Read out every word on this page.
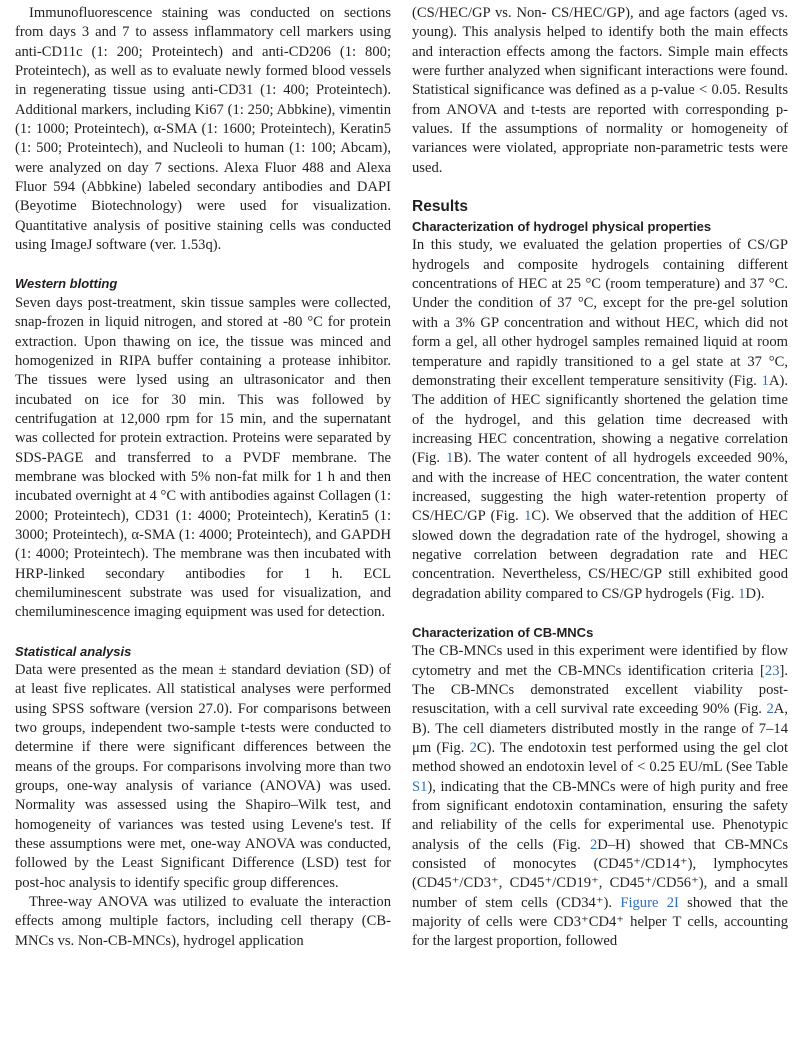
Immunofluorescence staining was conducted on sections from days 3 and 7 to assess inflammatory cell markers using anti-CD11c (1: 200; Proteintech) and anti-CD206 (1: 800; Proteintech), as well as to evaluate newly formed blood vessels in regenerating tissue using anti-CD31 (1: 400; Proteintech). Additional markers, including Ki67 (1: 250; Abbkine), vimentin (1: 1000; Proteintech), α-SMA (1: 1600; Proteintech), Keratin5 (1: 500; Proteintech), and Nucleoli to human (1: 100; Abcam), were analyzed on day 7 sections. Alexa Fluor 488 and Alexa Fluor 594 (Abbkine) labeled secondary antibodies and DAPI (Beyotime Biotechnology) were used for visualization. Quantitative analysis of positive staining cells was conducted using ImageJ software (ver. 1.53q).

Western blotting

Seven days post-treatment, skin tissue samples were collected, snap-frozen in liquid nitrogen, and stored at -80 °C for protein extraction. Upon thawing on ice, the tissue was minced and homogenized in RIPA buffer containing a protease inhibitor. The tissues were lysed using an ultrasonicator and then incubated on ice for 30 min. This was followed by centrifugation at 12,000 rpm for 15 min, and the supernatant was collected for protein extraction. Proteins were separated by SDS-PAGE and transferred to a PVDF membrane. The membrane was blocked with 5% non-fat milk for 1 h and then incubated overnight at 4 °C with antibodies against Collagen (1: 2000; Proteintech), CD31 (1: 4000; Proteintech), Keratin5 (1: 3000; Proteintech), α-SMA (1: 4000; Proteintech), and GAPDH (1: 4000; Proteintech). The membrane was then incubated with HRP-linked secondary antibodies for 1 h. ECL chemiluminescent substrate was used for visualization, and chemiluminescence imaging equipment was used for detection.

Statistical analysis

Data were presented as the mean ± standard deviation (SD) of at least five replicates. All statistical analyses were performed using SPSS software (version 27.0). For comparisons between two groups, independent two-sample t-tests were conducted to determine if there were significant differences between the means of the groups. For comparisons involving more than two groups, one-way analysis of variance (ANOVA) was used. Normality was assessed using the Shapiro–Wilk test, and homogeneity of variances was tested using Levene's test. If these assumptions were met, one-way ANOVA was conducted, followed by the Least Significant Difference (LSD) test for post-hoc analysis to identify specific group differences.

Three-way ANOVA was utilized to evaluate the interaction effects among multiple factors, including cell therapy (CB-MNCs vs. Non-CB-MNCs), hydrogel application

(CS/HEC/GP vs. Non- CS/HEC/GP), and age factors (aged vs. young). This analysis helped to identify both the main effects and interaction effects among the factors. Simple main effects were further analyzed when significant interactions were found. Statistical significance was defined as a p-value < 0.05. Results from ANOVA and t-tests are reported with corresponding p-values. If the assumptions of normality or homogeneity of variances were violated, appropriate non-parametric tests were used.

Results
Characterization of hydrogel physical properties

In this study, we evaluated the gelation properties of CS/GP hydrogels and composite hydrogels containing different concentrations of HEC at 25 °C (room temperature) and 37 °C. Under the condition of 37 °C, except for the pre-gel solution with a 3% GP concentration and without HEC, which did not form a gel, all other hydrogel samples remained liquid at room temperature and rapidly transitioned to a gel state at 37 °C, demonstrating their excellent temperature sensitivity (Fig. 1A). The addition of HEC significantly shortened the gelation time of the hydrogel, and this gelation time decreased with increasing HEC concentration, showing a negative correlation (Fig. 1B). The water content of all hydrogels exceeded 90%, and with the increase of HEC concentration, the water content increased, suggesting the high water-retention property of CS/HEC/GP (Fig. 1C). We observed that the addition of HEC slowed down the degradation rate of the hydrogel, showing a negative correlation between degradation rate and HEC concentration. Nevertheless, CS/HEC/GP still exhibited good degradation ability compared to CS/GP hydrogels (Fig. 1D).

Characterization of CB-MNCs

The CB-MNCs used in this experiment were identified by flow cytometry and met the CB-MNCs identification criteria [23]. The CB-MNCs demonstrated excellent viability post-resuscitation, with a cell survival rate exceeding 90% (Fig. 2A, B). The cell diameters distributed mostly in the range of 7–14 μm (Fig. 2C). The endotoxin test performed using the gel clot method showed an endotoxin level of < 0.25 EU/mL (See Table S1), indicating that the CB-MNCs were of high purity and free from significant endotoxin contamination, ensuring the safety and reliability of the cells for experimental use. Phenotypic analysis of the cells (Fig. 2D–H) showed that CB-MNCs consisted of monocytes (CD45⁺/CD14⁺), lymphocytes (CD45⁺/CD3⁺, CD45⁺/CD19⁺, CD45⁺/CD56⁺), and a small number of stem cells (CD34⁺). Figure 2I showed that the majority of cells were CD3⁺CD4⁺ helper T cells, accounting for the largest proportion, followed
